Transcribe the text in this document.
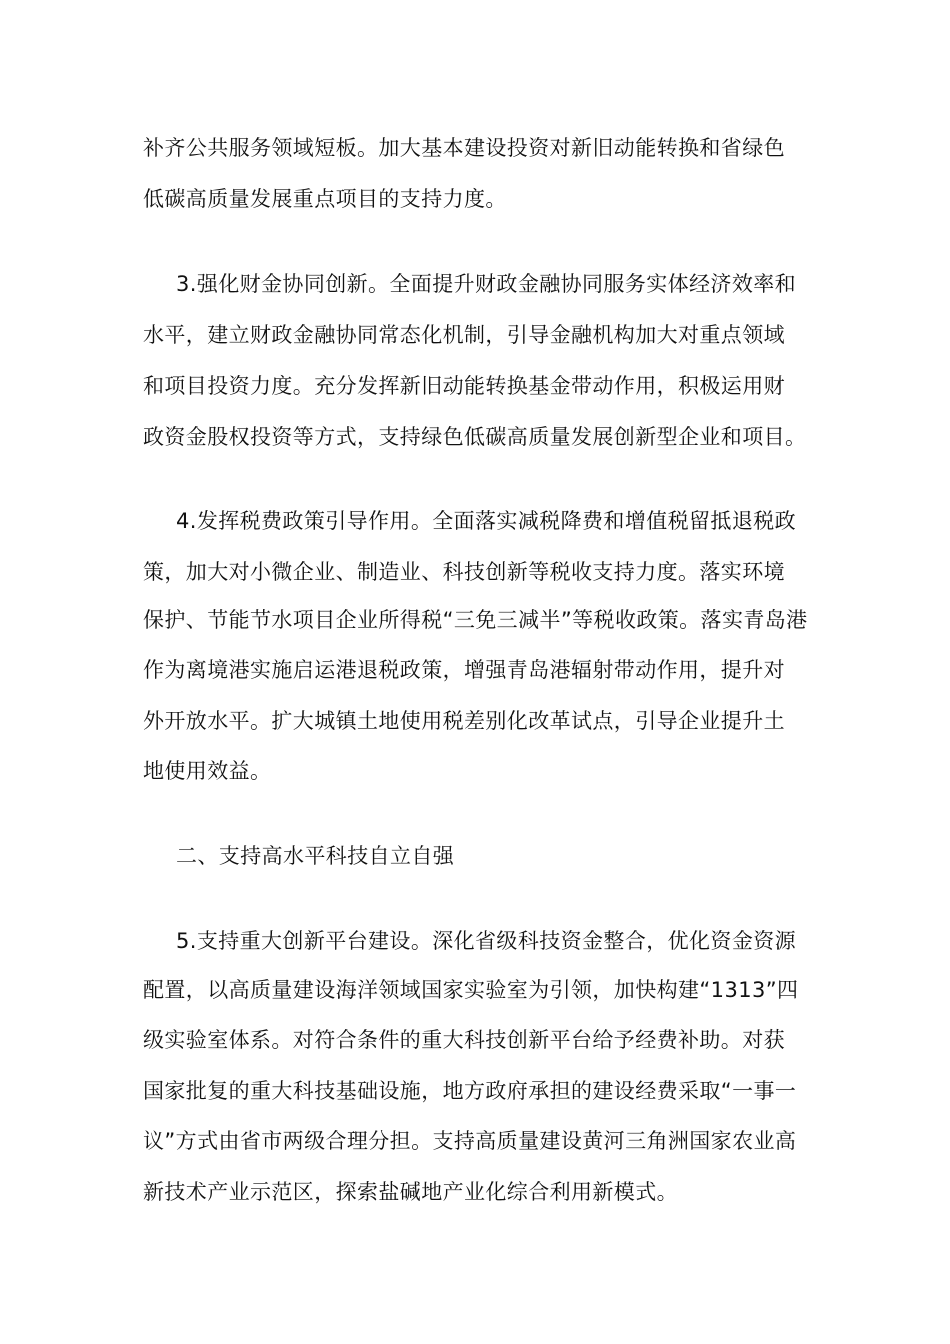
补齐公共服务领域短板。加大基本建设投资对新旧动能转换和省绿色

低碳高质量发展重点项目的支持力度。

3.强化财金协同创新。全面提升财政金融协同服务实体经济效率和

水平，建立财政金融协同常态化机制，引导金融机构加大对重点领域

和项目投资力度。充分发挥新旧动能转换基金带动作用，积极运用财

政资金股权投资等方式，支持绿色低碳高质量发展创新型企业和项目。

4.发挥税费政策引导作用。全面落实减税降费和增值税留抵退税政

策，加大对小微企业、制造业、科技创新等税收支持力度。落实环境

保护、节能节水项目企业所得税“三免三减半”等税收政策。落实青岛港

作为离境港实施启运港退税政策，增强青岛港辐射带动作用，提升对

外开放水平。扩大城镇土地使用税差别化改革试点，引导企业提升土

地使用效益。

二、支持高水平科技自立自强

5.支持重大创新平台建设。深化省级科技资金整合，优化资金资源

配置，以高质量建设海洋领域国家实验室为引领，加快构建“1313”四

级实验室体系。对符合条件的重大科技创新平台给予经费补助。对获

国家批复的重大科技基础设施，地方政府承担的建设经费采取“一事一

议”方式由省市两级合理分担。支持高质量建设黄河三角洲国家农业高

新技术产业示范区，探索盐碱地产业化综合利用新模式。
